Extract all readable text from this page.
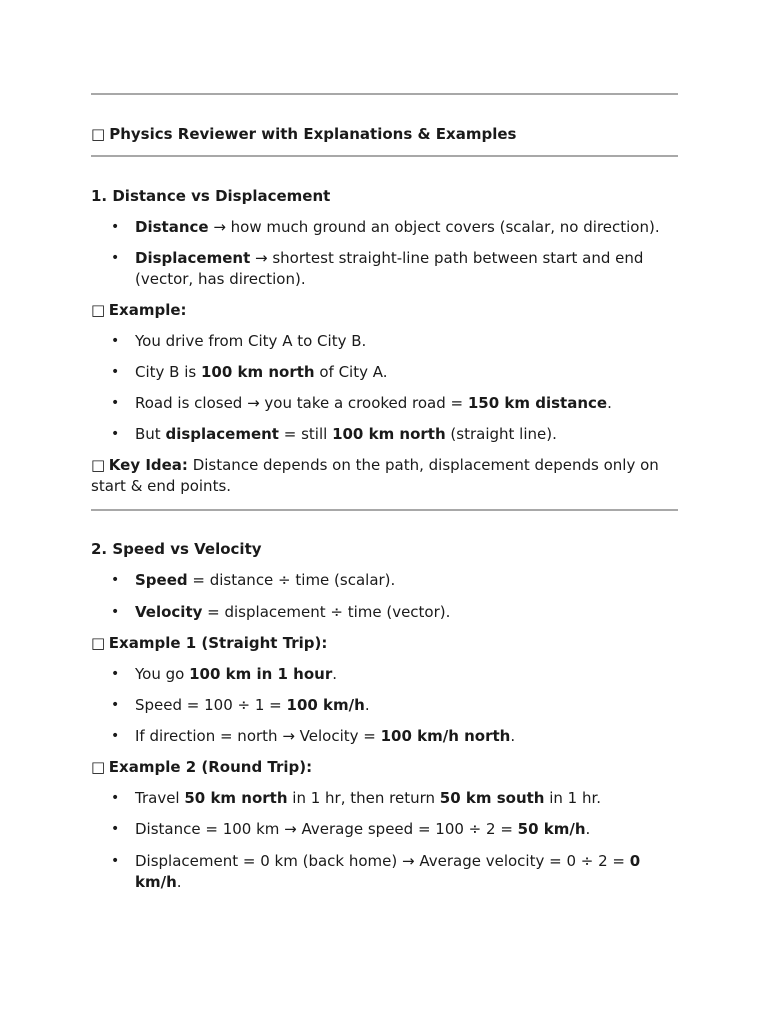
□ Physics Reviewer with Explanations & Examples
1. Distance vs Displacement
• Distance → how much ground an object covers (scalar, no direction).
• Displacement → shortest straight-line path between start and end (vector, has direction).

□ Example:

• You drive from City A to City B.
• City B is 100 km north of City A.
• Road is closed → you take a crooked road = 150 km distance.
• But displacement = still 100 km north (straight line).

□ Key Idea: Distance depends on the path, displacement depends only on start & end points.

2. Speed vs Velocity
• Speed = distance ÷ time (scalar).
• Velocity = displacement ÷ time (vector).

□ Example 1 (Straight Trip):

• You go 100 km in 1 hour.
• Speed = 100 ÷ 1 = 100 km/h.
• If direction = north → Velocity = 100 km/h north.

□ Example 2 (Round Trip):

• Travel 50 km north in 1 hr, then return 50 km south in 1 hr.
• Distance = 100 km → Average speed = 100 ÷ 2 = 50 km/h.
• Displacement = 0 km (back home) → Average velocity = 0 ÷ 2 = 0 km/h.
